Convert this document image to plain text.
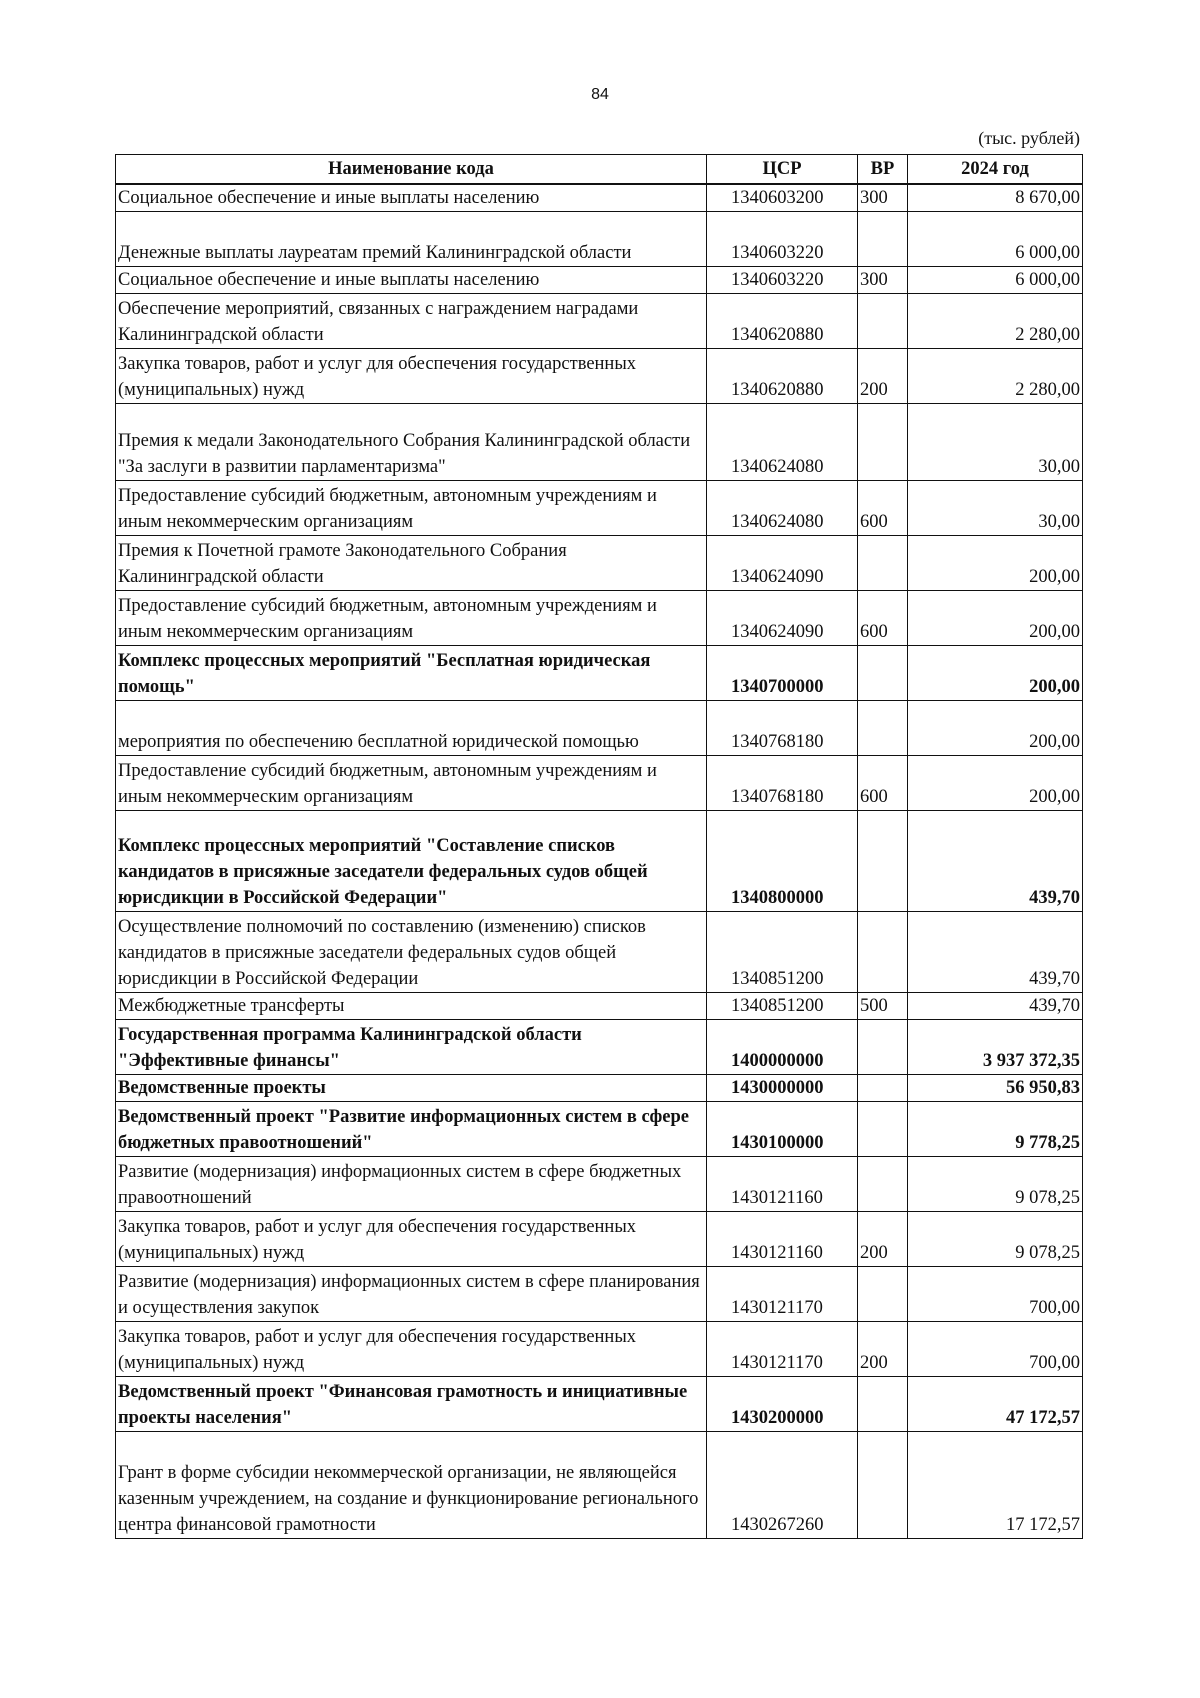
84
(тыс. рублей)
Наименование кода	ЦСР	ВР	2024 год
Социальное обеспечение и иные выплаты населению	1340603200	300	8 670,00
Денежные выплаты лауреатам премий Калининградской области	1340603220		6 000,00
Социальное обеспечение и иные выплаты населению	1340603220	300	6 000,00
Обеспечение мероприятий, связанных с награждением наградами Калининградской области	1340620880		2 280,00
Закупка товаров, работ и услуг для обеспечения государственных (муниципальных) нужд	1340620880	200	2 280,00
Премия к медали Законодательного Собрания Калининградской области "За заслуги в развитии парламентаризма"	1340624080		30,00
Предоставление субсидий бюджетным, автономным учреждениям и иным некоммерческим организациям	1340624080	600	30,00
Премия к Почетной грамоте Законодательного Собрания Калининградской области	1340624090		200,00
Предоставление субсидий бюджетным, автономным учреждениям и иным некоммерческим организациям	1340624090	600	200,00
Комплекс процессных мероприятий "Бесплатная юридическая помощь"	1340700000		200,00
мероприятия по обеспечению бесплатной юридической помощью	1340768180		200,00
Предоставление субсидий бюджетным, автономным учреждениям и иным некоммерческим организациям	1340768180	600	200,00
Комплекс процессных мероприятий "Составление списков кандидатов в присяжные заседатели федеральных судов общей юрисдикции в Российской Федерации"	1340800000		439,70
Осуществление полномочий по составлению (изменению) списков кандидатов в присяжные заседатели федеральных судов общей юрисдикции в Российской Федерации	1340851200		439,70
Межбюджетные трансферты	1340851200	500	439,70
Государственная программа Калининградской области "Эффективные финансы"	1400000000		3 937 372,35
Ведомственные проекты	1430000000		56 950,83
Ведомственный проект "Развитие информационных систем в сфере бюджетных правоотношений"	1430100000		9 778,25
Развитие (модернизация) информационных систем в сфере бюджетных правоотношений	1430121160		9 078,25
Закупка товаров, работ и услуг для обеспечения государственных (муниципальных) нужд	1430121160	200	9 078,25
Развитие (модернизация) информационных систем в сфере планирования и осуществления закупок	1430121170		700,00
Закупка товаров, работ и услуг для обеспечения государственных (муниципальных) нужд	1430121170	200	700,00
Ведомственный проект "Финансовая грамотность и инициативные проекты населения"	1430200000		47 172,57
Грант в форме субсидии некоммерческой организации, не являющейся казенным учреждением, на создание и функционирование регионального центра финансовой грамотности	1430267260		17 172,57
